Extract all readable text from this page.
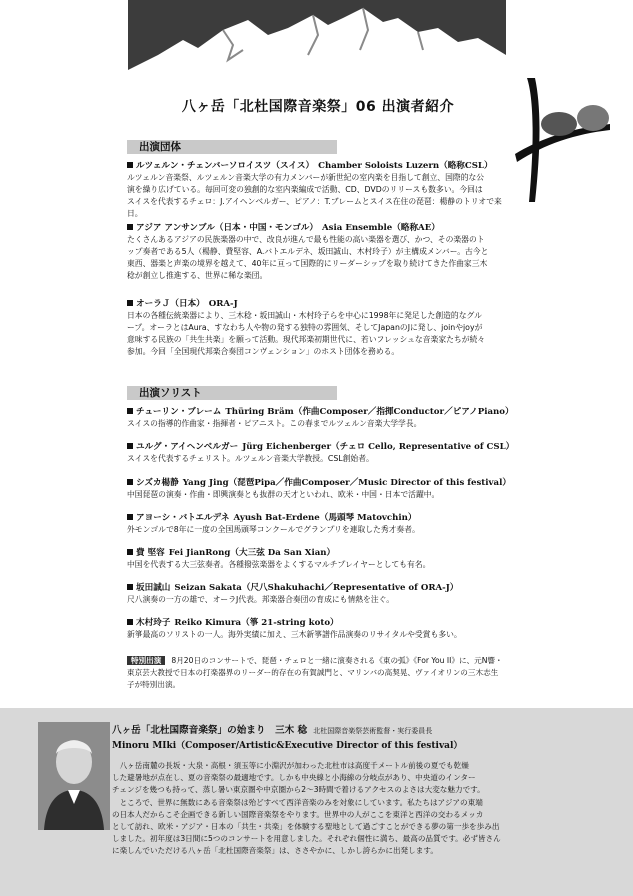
八ヶ岳「北杜国際音楽祭」06 出演者紹介
出演団体
ルツェルン・チェンバーソロイスツ（スイス） Chamber Soloists Luzern（略称CSL）
ルツェルン音楽祭、ルツェルン音楽大学の有力メンバーが新世紀の室内楽を目指して創立、国際的な公
演を繰り広げている。毎回可変の独創的な室内楽編成で活動、CD、DVDのリリースも数多い。今回は
スイスを代表するチェロ：J.アイヘンベルガー、ピアノ：T.ブレームとスイス在住の琵琶：楊静のトリオで来日。
アジア アンサンブル（日本・中国・モンゴル） Asia Ensemble（略称AE）
たくさんあるアジアの民族楽器の中で、改良が進んで最も性能の高い楽器を選び、かつ、その楽器のト
ップ奏者である5人（楊静、費堅容、A.バトエルデネ、坂田誠山、木村玲子）が主構成メンバー。古今と
東西、器楽と声楽の境界を越えて、40年に亘って国際的にリーダーシップを取り続けてきた作曲家三木
稔が創立し推進する、世界に稀な楽団。
オーラＪ（日本） ORA-J
日本の各種伝統楽器により、三木稔・坂田誠山・木村玲子らを中心に1998年に発足した創造的なグル
ープ。オーラとはAura、すなわち人や物の発する独特の雰囲気、そしてJapanのJに発し、joinやjoyが
意味する民族の「共生共楽」を願って活動。現代邦楽初期世代に、若いフレッシュな音楽家たちが続々
参加。今回「全国現代邦楽合奏団コンヴェンション」のホスト団体を務める。
出演ソリスト
チューリン・ブレーム Thüring Bräm（作曲Composer／指揮Conductor／ピアノPiano）
スイスの指導的作曲家・指揮者・ピアニスト。この春までルツェルン音楽大学学長。
ユルグ・アイヘンベルガー Jürg Eichenberger（チェロ Cello, Representative of CSL）
スイスを代表するチェリスト。ルツェルン音楽大学教授。CSL創始者。
シズカ楊静 Yang Jing（琵琶Pipa／作曲Composer／Music Director of this festival）
中国琵琶の演奏・作曲・即興演奏とも抜群の天才といわれ、欧米・中国・日本で活躍中。
アヨーシ・バトエルデネ Ayush Bat-Erdene（馬頭琴 Matovchin）
外モンゴルで8年に一度の全国馬頭琴コンクールでグランプリを連取した秀才奏者。
費 堅容 Fei JianRong（大三弦 Da San Xian）
中国を代表する大三弦奏者。各種撥弦楽器をよくするマルチプレイヤーとしても有名。
坂田誠山 Seizan Sakata（尺八Shakuhachi／Representative of ORA-J）
尺八演奏の一方の雄で、オーラJ代表。邦楽器合奏団の育成にも情熱を注ぐ。
木村玲子 Reiko Kimura（箏 21-string koto）
新箏最高のソリストの一人。海外実績に加え、三木新箏譜作品演奏のリサイタルや受賞も多い。
特別出演 8月20日のコンサートで、琵琶・チェロと一緒に演奏される《東の弧》《For You II》に、元N響・東京芸大教授で日本の打楽器界のリーダー的存在の有賀誠門と、マリンバの高契晃、ヴァイオリンの三木志生子が特別出演。
八ヶ岳「北杜国際音楽祭」の始まり　三木 稔 北杜国際音楽祭芸術監督・実行委員長
Minoru MIki（Composer/Artistic&Executive Director of this festival）
　八ヶ岳南麓の長坂・大泉・高根・須玉等に小淵沢が加わった北杜市は高度千メートル前後の夏でも乾燥
した避暑地が点在し、夏の音楽祭の最適地です。しかも中央線と小海線の分岐点があり、中央道のインター
チェンジを幾つも持って、蒸し暑い東京圏や中京圏から2～3時間で着けるアクセスのよさは大変な魅力です。
　ところで、世界に無数にある音楽祭は殆どすべて西洋音楽のみを対象にしています。私たちはアジアの東端
の日本人だからこそ企画できる新しい国際音楽祭をやります。世界中の人がここを東洋と西洋の交わるメッカ
として訪れ、欧米・アジア・日本の「共生・共楽」を体験する聖地として過ごすことができる夢の第一歩を歩み出
しました。初年度は3日間に5つのコンサートを用意しました。それぞれ個性に満ち、最高の品質です。必ず皆さん
に楽しんでいただける八ヶ岳「北杜国際音楽祭」は、ささやかに、しかし誇らかに出発します。
